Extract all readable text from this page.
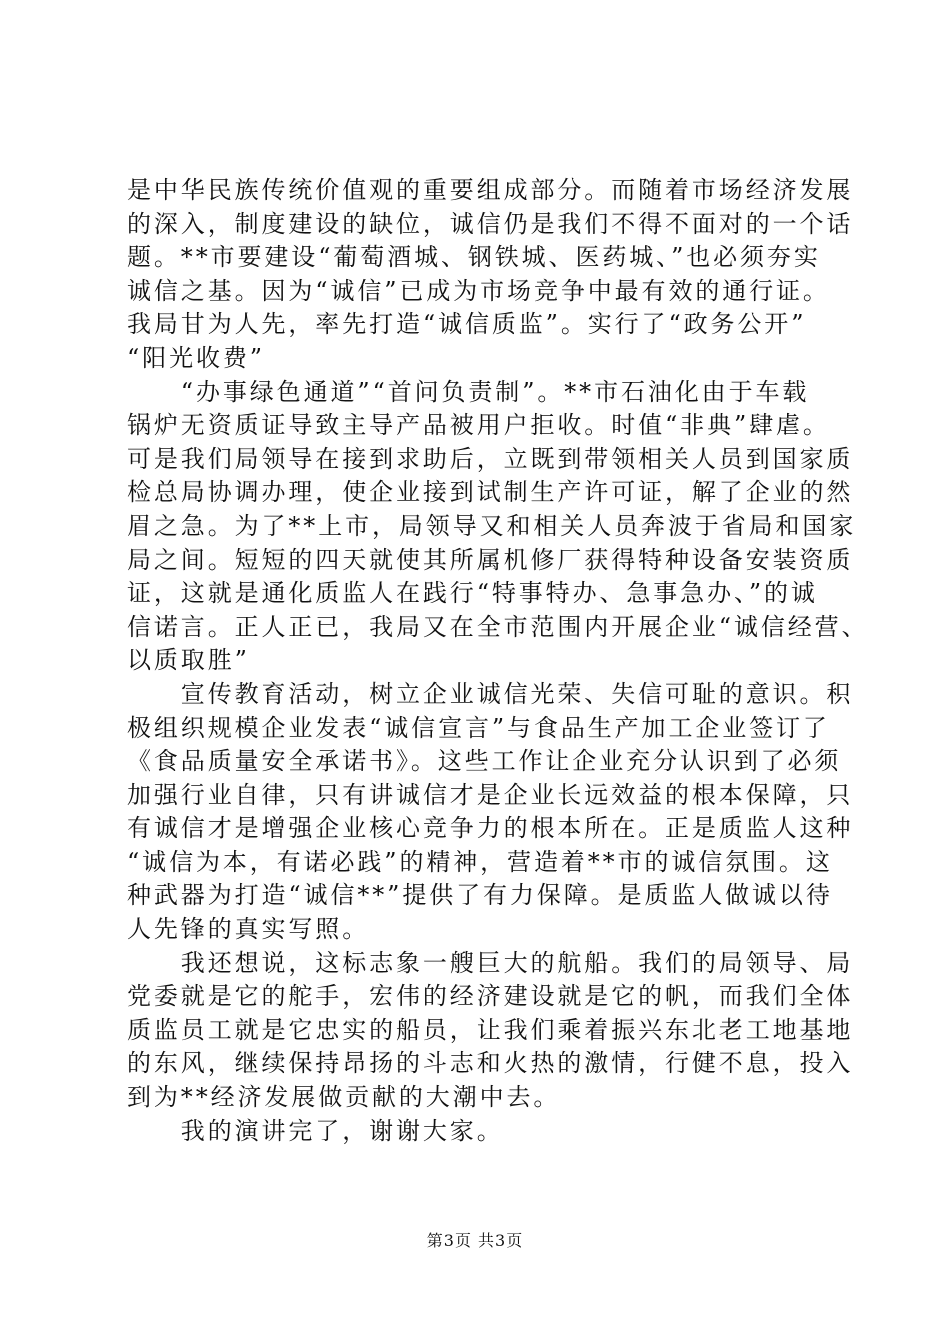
是中华民族传统价值观的重要组成部分。而随着市场经济发展
的深入，制度建设的缺位，诚信仍是我们不得不面对的一个话
题。**市要建设“葡萄酒城、钢铁城、医药城、”也必须夯实
诚信之基。因为“诚信”已成为市场竞争中最有效的通行证。
我局甘为人先，率先打造“诚信质监”。实行了“政务公开”
“阳光收费”
　　“办事绿色通道”“首问负责制”。**市石油化由于车载
锅炉无资质证导致主导产品被用户拒收。时值“非典”肆虐。
可是我们局领导在接到求助后，立既到带领相关人员到国家质
检总局协调办理，使企业接到试制生产许可证，解了企业的然
眉之急。为了**上市，局领导又和相关人员奔波于省局和国家
局之间。短短的四天就使其所属机修厂获得特种设备安装资质
证，这就是通化质监人在践行“特事特办、急事急办、”的诚
信诺言。正人正已，我局又在全市范围内开展企业“诚信经营、
以质取胜”
　　宣传教育活动，树立企业诚信光荣、失信可耻的意识。积
极组织规模企业发表“诚信宣言”与食品生产加工企业签订了
《食品质量安全承诺书》。这些工作让企业充分认识到了必须
加强行业自律，只有讲诚信才是企业长远效益的根本保障，只
有诚信才是增强企业核心竞争力的根本所在。正是质监人这种
“诚信为本，有诺必践”的精神，营造着**市的诚信氛围。这
种武器为打造“诚信**”提供了有力保障。是质监人做诚以待
人先锋的真实写照。
　　我还想说，这标志象一艘巨大的航船。我们的局领导、局
党委就是它的舵手，宏伟的经济建设就是它的帆，而我们全体
质监员工就是它忠实的船员，让我们乘着振兴东北老工地基地
的东风，继续保持昂扬的斗志和火热的激情，行健不息，投入
到为**经济发展做贡献的大潮中去。
　　我的演讲完了，谢谢大家。
第3页 共3页
